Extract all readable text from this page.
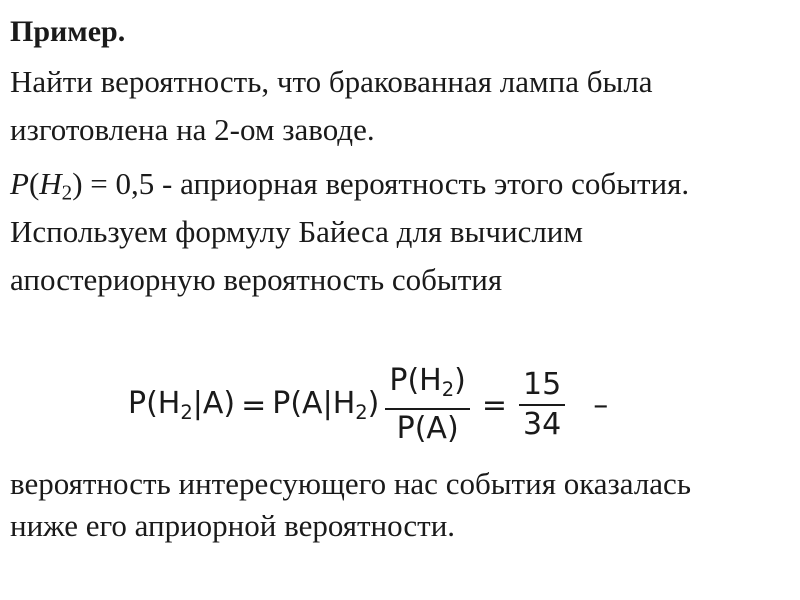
Пример.
Найти вероятность, что бракованная лампа была
изготовлена на 2-ом заводе.
$P(H_2) = 0,5$ - априорная вероятность этого события.
Используем формулу Байеса для вычислим
апостериорную вероятность события
$P(H2|A) = P(A|H2) \frac{P(H2)}{P(A)} = \frac{15}{34}$ –
вероятность интересующего нас события оказалась
ниже его априорной вероятности.
